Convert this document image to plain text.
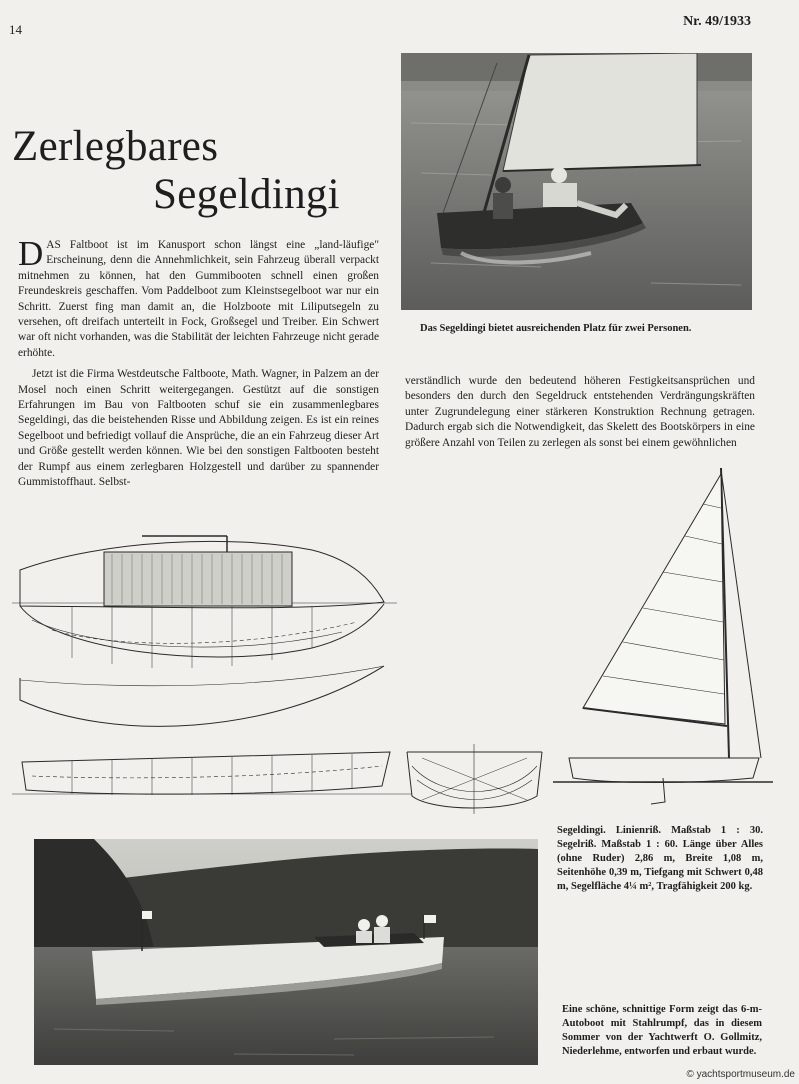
14
Nr. 49/1933
Zerlegbares
Segeldingi
Das Segeldingi bietet ausreichenden Platz für zwei Personen.

DAS Faltboot ist im Kanusport schon längst eine „land-läufige" Erscheinung, denn die Annehmlichkeit, sein Fahrzeug überall verpackt mitnehmen zu können, hat den Gummibooten schnell einen großen Freundeskreis geschaffen. Vom Paddelboot zum Kleinstsegelboot war nur ein Schritt. Zuerst fing man damit an, die Holzboote mit Liliputsegeln zu versehen, oft dreifach unterteilt in Fock, Großsegel und Treiber. Ein Schwert war oft nicht vorhanden, was die Stabilität der leichten Fahrzeuge nicht gerade erhöhte.

Jetzt ist die Firma Westdeutsche Faltboote, Math. Wagner, in Palzem an der Mosel noch einen Schritt weitergegangen. Gestützt auf die sonstigen Erfahrungen im Bau von Faltbooten schuf sie ein zusammenlegbares Segeldingi, das die beistehenden Risse und Abbildung zeigen. Es ist ein reines Segelboot und befriedigt vollauf die Ansprüche, die an ein Fahrzeug dieser Art und Größe gestellt werden können. Wie bei den sonstigen Faltbooten besteht der Rumpf aus einem zerlegbaren Holzgestell und darüber zu spannender Gummistoffhaut. Selbst-

verständlich wurde den bedeutend höheren Festigkeitsansprüchen und besonders den durch den Segeldruck entstehenden Verdrängungskräften unter Zugrundelegung einer stärkeren Konstruktion Rechnung getragen. Dadurch ergab sich die Notwendigkeit, das Skelett des Bootskörpers in eine größere Anzahl von Teilen zu zerlegen als sonst bei einem gewöhnlichen

Segeldingi. Linienriß. Maßstab 1 : 30. Segelriß. Maßstab 1 : 60. Länge über Alles (ohne Ruder) 2,86 m, Breite 1,08 m, Seitenhöhe 0,39 m, Tiefgang mit Schwert 0,48 m, Segelfläche 4¼ m², Tragfähigkeit 200 kg.
Eine schöne, schnittige Form zeigt das 6-m-Autoboot mit Stahlrumpf, das in diesem Sommer von der Yachtwerft O. Gollmitz, Niederlehme, entworfen und erbaut wurde.
© yachtsportmuseum.de
